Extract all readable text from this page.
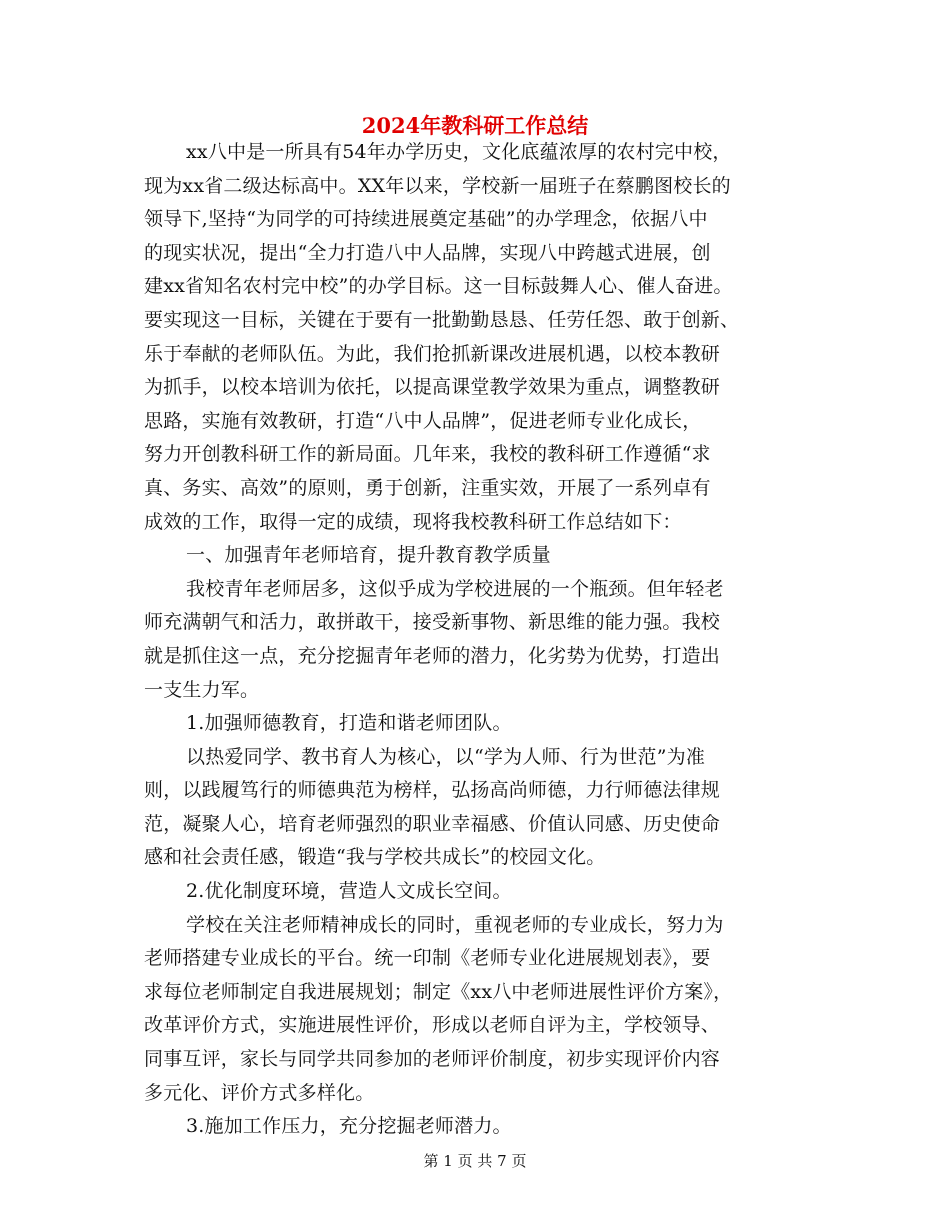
2024年教科研工作总结
xx八中是一所具有54年办学历史，文化底蕴浓厚的农村完中校，
现为xx省二级达标高中。XX年以来，学校新一届班子在蔡鹏图校长的
领导下,坚持“为同学的可持续进展奠定基础”的办学理念，依据八中
的现实状况，提出“全力打造八中人品牌，实现八中跨越式进展，创
建xx省知名农村完中校”的办学目标。这一目标鼓舞人心、催人奋进。
要实现这一目标，关键在于要有一批勤勤恳恳、任劳任怨、敢于创新、
乐于奉献的老师队伍。为此，我们抢抓新课改进展机遇，以校本教研
为抓手，以校本培训为依托，以提高课堂教学效果为重点，调整教研
思路，实施有效教研，打造“八中人品牌”，促进老师专业化成长，
努力开创教科研工作的新局面。几年来，我校的教科研工作遵循“求
真、务实、高效”的原则，勇于创新，注重实效，开展了一系列卓有
成效的工作，取得一定的成绩，现将我校教科研工作总结如下：
一、加强青年老师培育，提升教育教学质量
我校青年老师居多，这似乎成为学校进展的一个瓶颈。但年轻老
师充满朝气和活力，敢拼敢干，接受新事物、新思维的能力强。我校
就是抓住这一点，充分挖掘青年老师的潜力，化劣势为优势，打造出
一支生力军。
1.加强师德教育，打造和谐老师团队。
以热爱同学、教书育人为核心，以“学为人师、行为世范”为准
则，以践履笃行的师德典范为榜样，弘扬高尚师德，力行师德法律规
范，凝聚人心，培育老师强烈的职业幸福感、价值认同感、历史使命
感和社会责任感，锻造“我与学校共成长”的校园文化。
2.优化制度环境，营造人文成长空间。
学校在关注老师精神成长的同时，重视老师的专业成长，努力为
老师搭建专业成长的平台。统一印制《老师专业化进展规划表》，要
求每位老师制定自我进展规划；制定《xx八中老师进展性评价方案》，
改革评价方式，实施进展性评价，形成以老师自评为主，学校领导、
同事互评，家长与同学共同参加的老师评价制度，初步实现评价内容
多元化、评价方式多样化。
3.施加工作压力，充分挖掘老师潜力。
第 1 页 共 7 页
